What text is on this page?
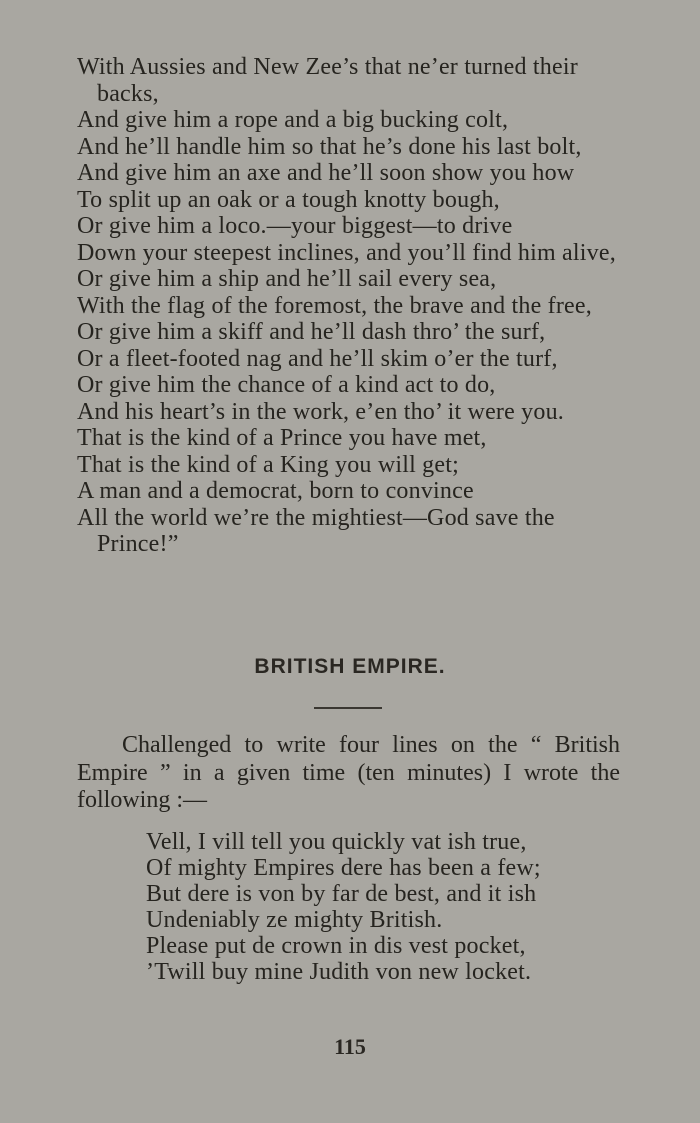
With Aussies and New Zee’s that ne’er turned their
backs,
And give him a rope and a big bucking colt,
And he’ll handle him so that he’s done his last bolt,
And give him an axe and he’ll soon show you how
To split up an oak or a tough knotty bough,
Or give him a loco.—your biggest—to drive
Down your steepest inclines, and you’ll find him alive,
Or give him a ship and he’ll sail every sea,
With the flag of the foremost, the brave and the free,
Or give him a skiff and he’ll dash thro’ the surf,
Or a fleet-footed nag and he’ll skim o’er the turf,
Or give him the chance of a kind act to do,
And his heart’s in the work, e’en tho’ it were you.
That is the kind of a Prince you have met,
That is the kind of a King you will get;
A man and a democrat, born to convince
All the world we’re the mightiest—God save the
Prince!”
BRITISH EMPIRE.

Challenged to write four lines on the “ British Empire ” in a given time (ten minutes) I wrote the following :—

Vell, I vill tell you quickly vat ish true,
Of mighty Empires dere has been a few;
But dere is von by far de best, and it ish
Undeniably ze mighty British.
Please put de crown in dis vest pocket,
’Twill buy mine Judith von new locket.
115
